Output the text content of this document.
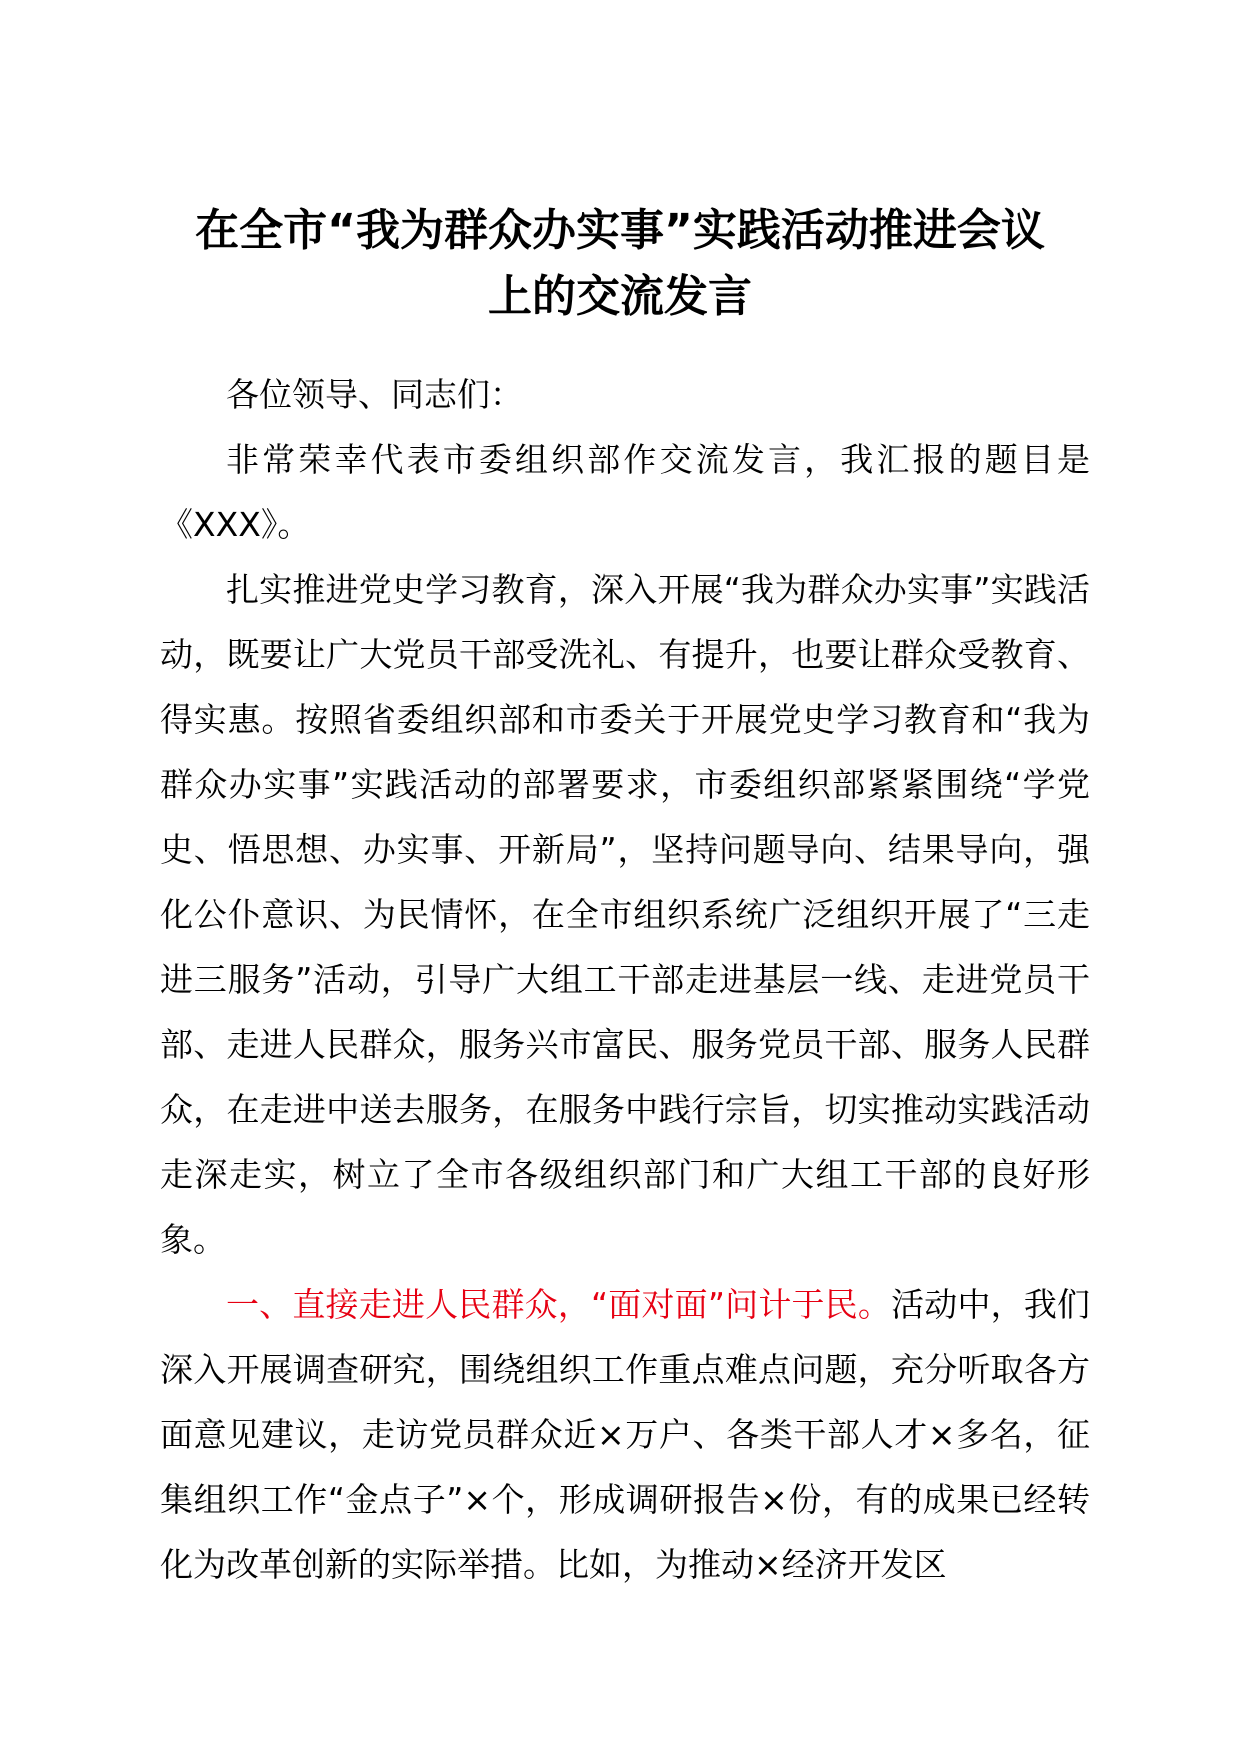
在全市“我为群众办实事”实践活动推进会议
上的交流发言

各位领导、同志们：

非常荣幸代表市委组织部作交流发言，我汇报的题目是《XXX》。

扎实推进党史学习教育，深入开展“我为群众办实事”实践活动，既要让广大党员干部受洗礼、有提升，也要让群众受教育、得实惠。按照省委组织部和市委关于开展党史学习教育和“我为群众办实事”实践活动的部署要求，市委组织部紧紧围绕“学党史、悟思想、办实事、开新局”，坚持问题导向、结果导向，强化公仆意识、为民情怀，在全市组织系统广泛组织开展了“三走进三服务”活动，引导广大组工干部走进基层一线、走进党员干部、走进人民群众，服务兴市富民、服务党员干部、服务人民群众，在走进中送去服务，在服务中践行宗旨，切实推动实践活动走深走实，树立了全市各级组织部门和广大组工干部的良好形象。

一、直接走进人民群众，“面对面”问计于民。活动中，我们深入开展调查研究，围绕组织工作重点难点问题，充分听取各方面意见建议，走访党员群众近×万户、各类干部人才×多名，征集组织工作“金点子”×个，形成调研报告×份，有的成果已经转化为改革创新的实际举措。比如，为推动×经济开发区
